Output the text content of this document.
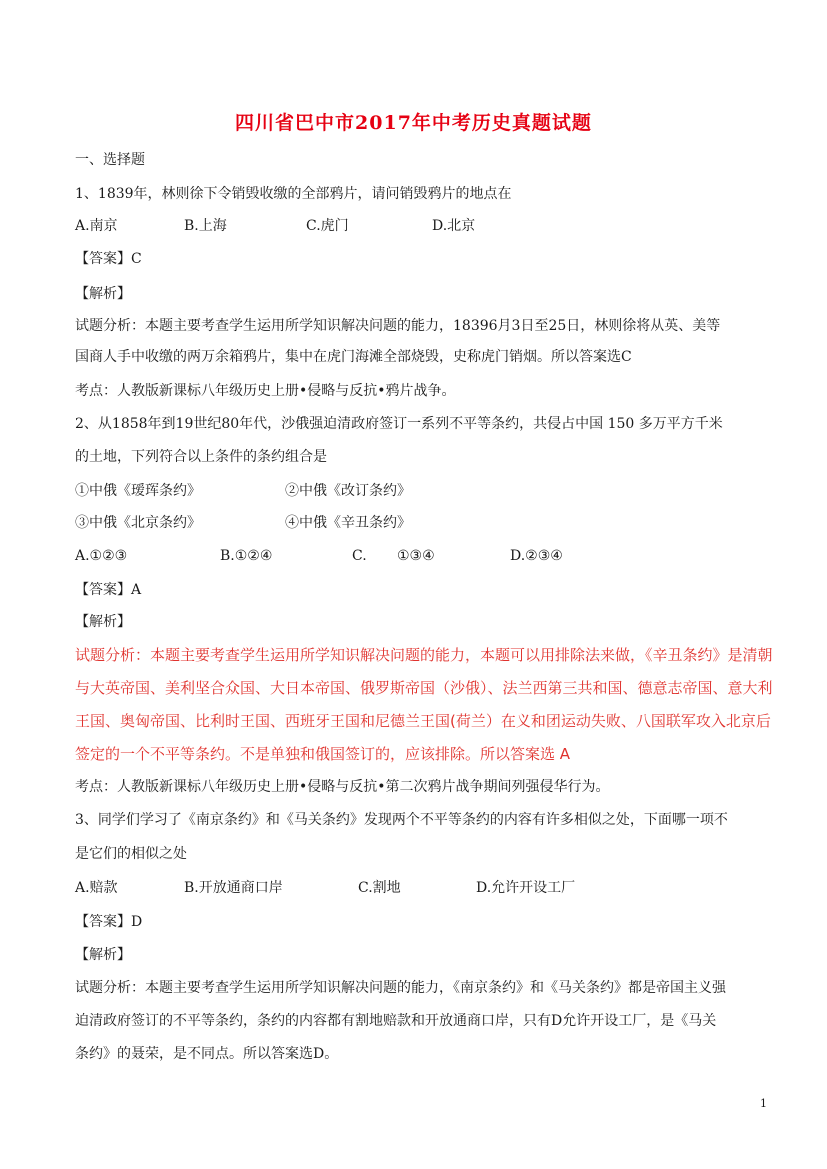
四川省巴中市2017年中考历史真题试题
一、选择题
1、1839年，林则徐下令销毁收缴的全部鸦片，请问销毁鸦片的地点在
A.南京	B.上海	C.虎门	D.北京
【答案】C
【解析】
试题分析：本题主要考查学生运用所学知识解决问题的能力，18396月3日至25日，林则徐将从英、美等
国商人手中收缴的两万余箱鸦片，集中在虎门海滩全部烧毁，史称虎门销烟。所以答案选C
考点：人教版新课标八年级历史上册•侵略与反抗•鸦片战争。
2、从1858年到19世纪80年代，沙俄强迫清政府签订一系列不平等条约，共侵占中国 150 多万平方千米
的土地，下列符合以上条件的条约组合是
①中俄《瑷珲条约》	②中俄《改订条约》
③中俄《北京条约》	④中俄《辛丑条约》
A.①②③	B.①②④	C. ①③④	D.②③④
【答案】A
【解析】
试题分析：本题主要考查学生运用所学知识解决问题的能力，本题可以用排除法来做，《辛丑条约》是清朝
与大英帝国、美利坚合众国、大日本帝国、俄罗斯帝国（沙俄）、法兰西第三共和国、德意志帝国、意大利
王国、奥匈帝国、比利时王国、西班牙王国和尼德兰王国(荷兰）在义和团运动失败、八国联军攻入北京后
签定的一个不平等条约。不是单独和俄国签订的，应该排除。所以答案选 A
考点：人教版新课标八年级历史上册•侵略与反抗•第二次鸦片战争期间列强侵华行为。
3、同学们学习了《南京条约》和《马关条约》发现两个不平等条约的内容有许多相似之处，下面哪一项不
是它们的相似之处
A.赔款	B.开放通商口岸	C.割地	D.允许开设工厂
【答案】D
【解析】
试题分析：本题主要考查学生运用所学知识解决问题的能力，《南京条约》和《马关条约》都是帝国主义强
迫清政府签订的不平等条约，条约的内容都有割地赔款和开放通商口岸，只有D允许开设工厂，是《马关
条约》的聂荣，是不同点。所以答案选D。
1
